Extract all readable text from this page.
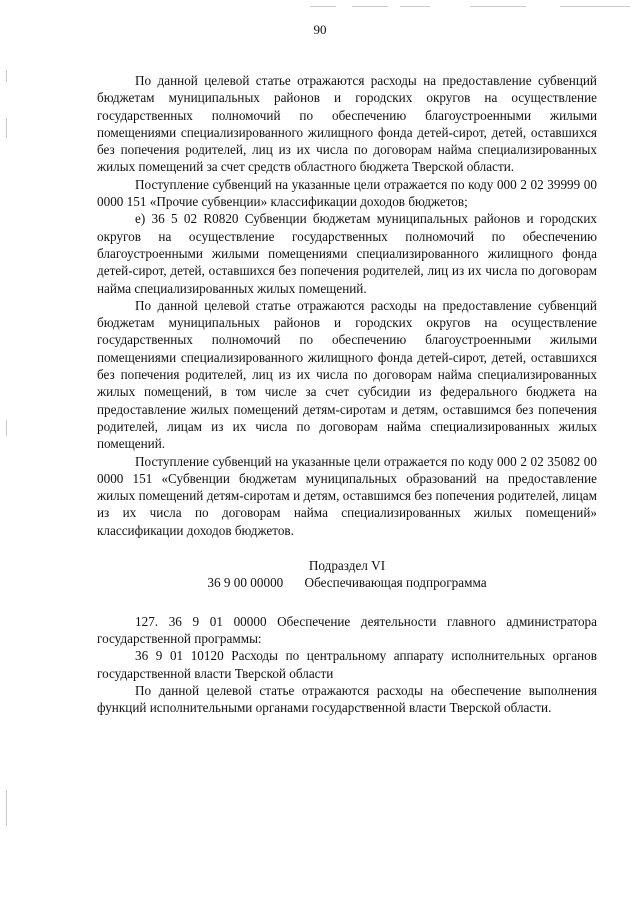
90

По данной целевой статье отражаются расходы на предоставление субвенций бюджетам муниципальных районов и городских округов на осуществление государственных полномочий по обеспечению благоустроенными жилыми помещениями специализированного жилищного фонда детей-сирот, детей, оставшихся без попечения родителей, лиц из их числа по договорам найма специализированных жилых помещений за счет средств областного бюджета Тверской области.

Поступление субвенций на указанные цели отражается по коду 000 2 02 39999 00 0000 151 «Прочие субвенции» классификации доходов бюджетов;

е) 36 5 02 R0820 Субвенции бюджетам муниципальных районов и городских округов на осуществление государственных полномочий по обеспечению благоустроенными жилыми помещениями специализированного жилищного фонда детей-сирот, детей, оставшихся без попечения родителей, лиц из их числа по договорам найма специализированных жилых помещений.

По данной целевой статье отражаются расходы на предоставление субвенций бюджетам муниципальных районов и городских округов на осуществление государственных полномочий по обеспечению благоустроенными жилыми помещениями специализированного жилищного фонда детей-сирот, детей, оставшихся без попечения родителей, лиц из их числа по договорам найма специализированных жилых помещений, в том числе за счет субсидии из федерального бюджета на предоставление жилых помещений детям-сиротам и детям, оставшимся без попечения родителей, лицам из их числа по договорам найма специализированных жилых помещений.

Поступление субвенций на указанные цели отражается по коду 000 2 02 35082 00 0000 151 «Субвенции бюджетам муниципальных образований на предоставление жилых помещений детям-сиротам и детям, оставшимся без попечения родителей, лицам из их числа по договорам найма специализированных жилых помещений» классификации доходов бюджетов.

Подраздел VI
36 9 00 00000 Обеспечивающая подпрограмма

127. 36 9 01 00000 Обеспечение деятельности главного администратора государственной программы:

36 9 01 10120 Расходы по центральному аппарату исполнительных органов государственной власти Тверской области

По данной целевой статье отражаются расходы на обеспечение выполнения функций исполнительными органами государственной власти Тверской области.
